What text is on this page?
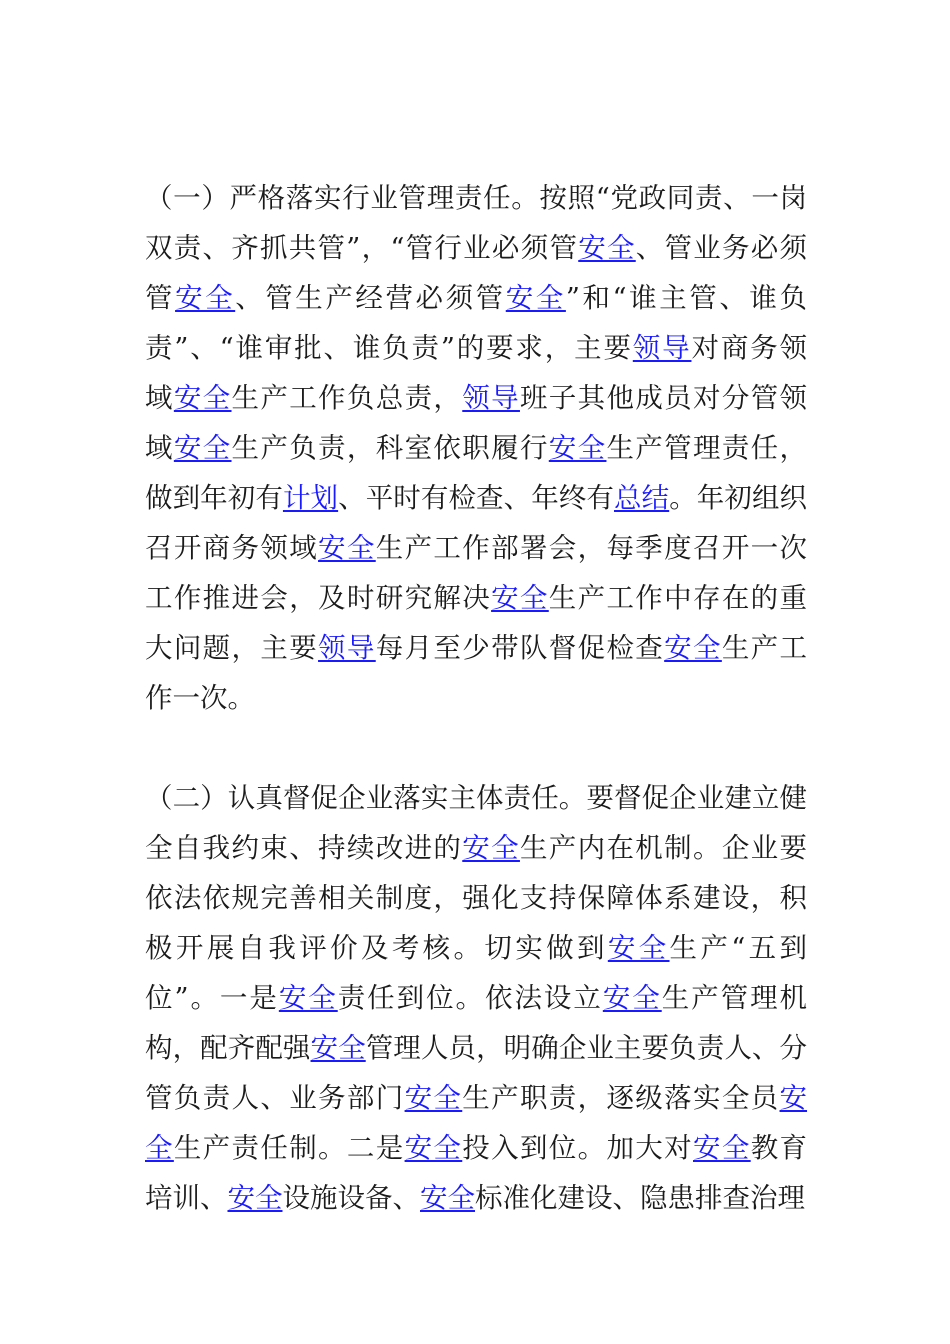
（一）严格落实行业管理责任。按照“党政同责、一岗
双责、齐抓共管”，“管行业必须管安全、管业务必须
管安全、管生产经营必须管安全”和“谁主管、谁负
责”、“谁审批、谁负责”的要求，主要领导对商务领
域安全生产工作负总责，领导班子其他成员对分管领
域安全生产负责，科室依职履行安全生产管理责任，
做到年初有计划、平时有检查、年终有总结。年初组织
召开商务领域安全生产工作部署会，每季度召开一次
工作推进会，及时研究解决安全生产工作中存在的重
大问题，主要领导每月至少带队督促检查安全生产工
作一次。
（二）认真督促企业落实主体责任。要督促企业建立健
全自我约束、持续改进的安全生产内在机制。企业要
依法依规完善相关制度，强化支持保障体系建设，积
极开展自我评价及考核。切实做到安全生产“五到
位”。一是安全责任到位。依法设立安全生产管理机
构，配齐配强安全管理人员，明确企业主要负责人、分
管负责人、业务部门安全生产职责，逐级落实全员安
全生产责任制。二是安全投入到位。加大对安全教育
培训、安全设施设备、安全标准化建设、隐患排查治理
